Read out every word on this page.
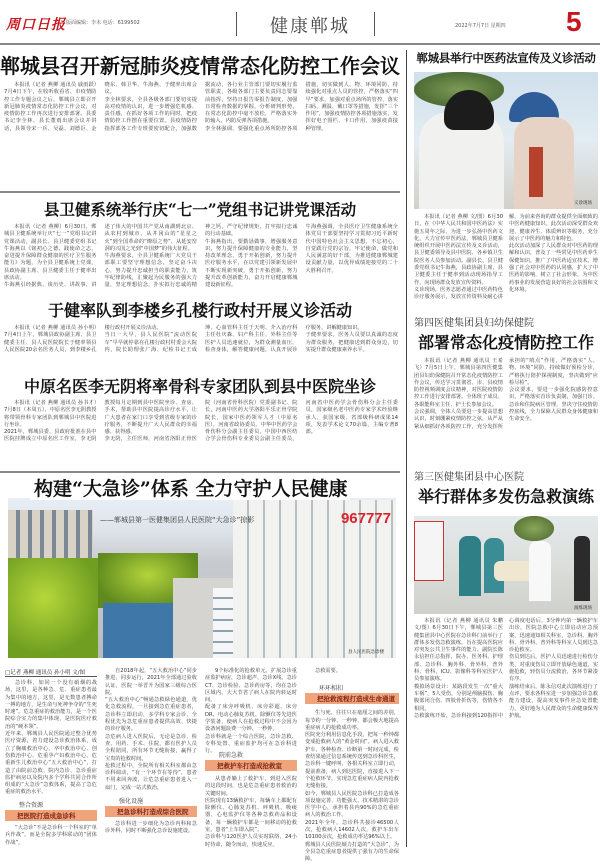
周口日报 版面编辑：李未 电话：6199502	健康郸城	2022年7月7日 星期四 5
郸城县召开新冠肺炎疫情常态化防控工作会议
本报讯（记者 燕柳 通讯员 戚雨跃）7月4日下午，在收听收看省、市疫情防控工作专题会议之后，郸城县立即召开新冠肺炎疫情常态化防控工作会议，对疫情防控工作再次进行安排部署。县委书记李全林，县长董雨出席会议并讲话，县领导宋一兵、吴磊、刘德臣、金晓东、韩卫华、牛海燕、于健率出席会议。
李全林要求，全县各级各部门要切实提高对疫情的认识，进一步增强危机感、责任感，在抓好各项工作的同时，把疫情防控工作摆在重要位置。县疫情防控指挥部各工作专班要密切配合，加强数据流动，各行业主管部门要切实履行监管职责，各级各部门主要负责同志要靠前指挥，坚持日报告零报告制度，加强日常检查数据的掌握，分析研判形势，在常态化防控中毫不放松，严格落实外防输入、内防反弹各项措施。
李全林强调，要强化重点场所防控各项措施，切实做到人、物、环境同防，持续强化对重点人员的管控，严格落实“四早”要求，加强对重点场所的管控，落实扫码、测温、戴口罩等措施，发挥“三个作用”，加强疫情防控各项措施落实，发挥好电子围栏、卡口作用，加强疫苗接种管理。
县卫健系统举行庆“七一”党组书记讲党课活动
本报讯（记者 燕柳）6月30日，郸城县卫健系统举行庆“七一”党组书记讲党课活动，副县长、县卫健委党组书记牛海燕以《铭初心之德，践使命之志，奋进提升保障群众健康的医疗卫生服务能力》为题，为全县卫健系统上党课，县政协副主席、县卫健委主任于健率出席活动。
牛海燕引经据典、谈历史、讲故事，讲述了伟大的中国共产党从南湖到北京、从农村到城市、从井冈山的“星星之火”到全国革命的“燎原之势”、从延安窑洞的兴国之光到“中国梦”的伟大征程。
牛海燕要求，全县卫健系统广大党员干部职工要坚守理想信念，坚定奋斗决心，努力提升忠诚担当的职责能力，筑牢纪律防线，汇聚起为民服务的强大力量，坚定理想信念，扑实拟行忠诚的精神之钙，严守纪律规矩，打牢拟行忠诚的行动基础。
牛海燕指出，要勤恳做事，增强服务意识，努力提升保障健康的专业能力，坚持改革理念，勇于开拓创新，努力提升医疗服务水平，在以党建引领新发展中不断实现新突破，勇于开拓创新，努力提升改革创新能力，奋力开启健康郸城建设新征程。
牛海燕强调，全县医疗卫生健康系统全体党员干部要坚持学习贯彻习近平新时代中国特色社会主义思想，不忘初心，自觉践行党的宗旨，牢记使命，做党和人民满意的好干部，为推进健康郸城建设贡献力量，以优异成绩迎接党的二十大胜利召开。
于健率队到李楼乡孔楼行政村开展义诊活动
本报讯（记者 燕柳 通讯员 孙小明）7月4日上午，郸城县政协副主席、县卫健委主任、县人民医院院长于健率领县人民医院20余名医务人员，到李楼乡孔楼行政村开展义诊活动。
当日一大早，县人民医院“流动医院车”早早就停靠在孔楼行政村村委会大院内，院长助理张广海、纪检书记王成坤、心血管科主任于天明、介入治疗科主任杜庆森、妇产科主任、外科主任等医护人员迅速就位，为群众测量血压、检查身体，解答健康问题，认真开展诊疗服务，讲解健康知识。
于健率要求，医务人员要以真诚的态度为群众服务，把健康送到群众身边，切实提升群众健康素养水平。
中原名医李无阴将率骨科专家团队到县中医院坐诊
本报讯（记者 燕柳 通讯员 孙书才）7月8日（本周五），中原名医李无阴教授将带领骨科专家团队到郸城县中医院进行坐诊。
2021年，郸城县委、县政府批准在县中医院挂牌成立中原名医工作室，李无阴教授每月定期到县中医院坐诊、查房、手术，帮助县中医院提高诊疗水平，让广大患者在家门口享受到省级专家的诊疗服务，不断提升广大人民群众的幸福感、获得感。
李无阴，主任医师，河南省洛阳正骨医院（河南省骨科医院）党委副书记、院长，河南中医药大学洛阳平乐正骨学院院长，国家中医药领军人才（中原名医），河南省政协委员，中华中医药学会骨伤科分会副主任委员，中国中西医结合学会骨伤科专业委员会副主任委员，河南省中医药学会骨伤科分会主任委员，国家级名老中医药专家学术经验继承人，获国家级、省部级科研成果14项，发表学术论文70余篇，主编专著8部。
967777
县人民医院急诊楼
构建“大急诊”体系 全力守护人民健康
——郸城县第一医健集团县人民医院“大急诊”掠影
□记者 燕柳 通讯员 孙小明 文/图
急诊科，如同一个没有硝烟的战场，这里，是各种急、危、重症患者最为集中的地方，这里，是无数患者搏命一搏的地方，是生命与死神争夺的“生死时速”。危急重症的救治能力，是一个医院综合实力的集中体现，是医院医疗救治的“硬本领”。
近年来，郸城县人民医院通过整合优势医疗资源，着力建设急诊救治体系，成立了胸痛救治中心、卒中救治中心、创伤救治中心、危重孕产妇救治中心、危重新生儿救治中心“五大救治中心”，打造了由院前急救、院内急诊、急诊重症监护病房以及院内多个学科共同合作所组成的“大急诊”急救体系，提高了急危重症的救治水平。
整合资源
把医院打造成急诊科
“大急诊”不是急诊科一个科室的“单兵作战”，而是全院多学科联动的“团体作战”。
自2018年起，“五大救治中心”同步推进，同步运行，2021年全部通过验收认证，医院一举晋升为国家三级综合医院。
“五大救治中心”畅通急救绿色通道，优化急救流程，一旦接到急危重症患者，急诊科立即启动，多学科专家会诊，全程优先为急危重症患者提供高效、快捷的诊疗服务。
急危病人进入医院后，无论是急诊、检查、用药、手术、住院，都有医护人员全程陪同，所有环节无缝衔接，赢得了宝贵的抢救时间。
抢救过程中，全院所有相关科室都由急诊科调动，“有一个环节在等待”，患者不用来回奔波，让危急重症患者进入一扇门，完成一站式救治。
强化设施
把急诊科打造成综合医院
急诊科进一步细化为急诊内科和急诊外科，同时不断强化急诊设施建设。
9个标准化的抢救单元，扩展急诊重症监护病房，急诊超声、急诊X线、急诊CT、急诊检验、急诊药房等，均在急诊区域内，大大节省了病人在院内转运时间。
配备了床旁呼吸机、床旁彩超、床旁DR、电动心肺复苏机、除颤仪等先进医学装备，使病人在抢救过程中不会因为设备问题浪费一分钟、一秒钟。
急诊科就是一个综合医院，急诊急救、专科处置、重症监护均可在急诊科进行。
院前急救
把救护车打造成抢救室
从患者躺上了救护车，到进入医院的这段时间，也是危急重症患者救治的关键时间。
医院现有13辆救护车，每辆车上都配有除颤仪、心肺复苏机、呼吸机、吸痰器、心电监护仪等各种急救药品和设备，每一辆救护车都是一间移动的抢救室，患者“上车即入院”。
急诊科与120医护人员实时联络，24小时待命，随令而动，快速反应。
急救需要。
环环相扣
把抢救流程打造成生命通道
生与死，往往只在毫厘之间的差别，每节约一分钟、一秒钟，都会极大地提高重症病人的抢救成功率。
医院充分利用信息化手段，把每一秒钟都变成抢救病人的“黄金时间”。病人进入救护车，各种检查、诊断第一时间完成，检查结果通过信息系统传送到急诊科医生，急诊科一键呼叫，各相关科室立即行动，提前准备，病人到达医院，直接进入下一个抢救环节，实现急危重症病人院内抢救无缝衔接。
如今，郸城县人民医院急诊科已打造成各项设施完善、功能强大、技术精湛的急诊医学中心，承担着县内90%的急危重症病人的救治工作。
2021年全年，急诊科共接诊46500人次，抢救病人14602人次，救护车出车10100余次，抢救成功率达96%以上。
郸城县人民医院倾力打造的“大急诊”，为全县急危重症患者提供了强有力的生命保障。
郸城县举行中医药法宣传及义诊活动
义诊现场
本报讯（记者 燕柳 文/图）6月30日，在《中华人民共和国中医药法》实施五周年之际，为进一步弘扬中医药文化，大力宣传中医药法，郸城县卫健系统组织开展中医药法宣传及义诊活动，县卫健委领导及县中医院、各乡镇卫生院医务人员参加活动。副县长、县卫健委党组书记牛海燕，县政协副主席、县卫健委主任于健率到活动现场指导工作，向现场群众发放宣传资料。
义诊现场，医务志愿者通过中医药特色诊疗服务展示，发放宣传资料及耐心讲解，为前来咨询的群众提供全面细致的中医药健康知识。此次活动深受群众欢迎，健康养生、体质辨识等服务，充分展示了中医药的魅力和特色。
此次活动加深了人民群众对中医药的理解和认识，普及了一些常见中医药养生保健知识，推广了中医药适宜技术，增强了社会对中医药的认同感，扩大了中医药的影响，树立了社会形象，为中医药事业的发展营造良好的社会氛围和文化环境。
第四医健集团县妇幼保健院
部署常态化疫情防控工作
本报讯（记者 燕柳 通讯员 王希飞）7月5日上午，郸城县第四医健集团县妇幼保健院召开常态化疫情防控工作会议，传达学习贯彻省、市、县疫情防控视频调度会议精神，对医院疫情防控工作进行安排部署。全体班子成员、各职能科室主任、护士长参加会议。
会议强调，全体人员要进一步提高思想认识，时刻绷紧疫情防控之弦，从严从紧从细抓好各项防控工作，充分发挥所承担的“哨点”作用，严格落实“人、物、环境”同防，持续做好预检分诊，严格执行陪护探视制度，坚决做到“应检尽检”。
会议要求，要进一步强化院感防控意识，严格落实首诊负责制，加强门诊、急诊和住院病区管理，坚决守住疫情防控底线，全力保障人民群众身体健康和生命安全。
第三医健集团县中心医院
举行群体多发伤急救演练
演练现场
本报讯（记者 燕柳 通讯员 朱鹏 文/图）6月30日下午，郸城县第三医健集团县中心医院在急诊科门前举行了群体多发伤急救演练，旨在提高医院应对突发公共卫生事件的能力。副院长陈永信担任总指挥，院办、医务科、护理部、急诊科、胸外科、骨外科、普外科、骨科、ICU、影像科等科室医护人员参加演练。
模拟场景设计：某路段发生一次“重大车祸”，5人受伤，分别是颅脑损伤、胸腹部闭合伤、四肢骨折伤等，伤情各不相同。
急救演练开始，急诊科接到120指挥中心调度电话后，3分钟内第一辆救护车出诊，医院急救中心立即启动应急预案，迅速通知相关科室，急诊科、胸外科、骨外科、普外科等科室人员到达急诊抢救室。
伤员到达后，医护人员迅速进行检伤分类，对重度伤员立即开放绿色通道，实施抢救，轻伤员分流救治，各环节紧凑有序。
演练结束后，陈永信对此次演练进行了点评，要求各科室进一步加强急诊急救能力建设，提高突发事件应急处置能力，更好地为人民群众的生命健康保驾护航。
